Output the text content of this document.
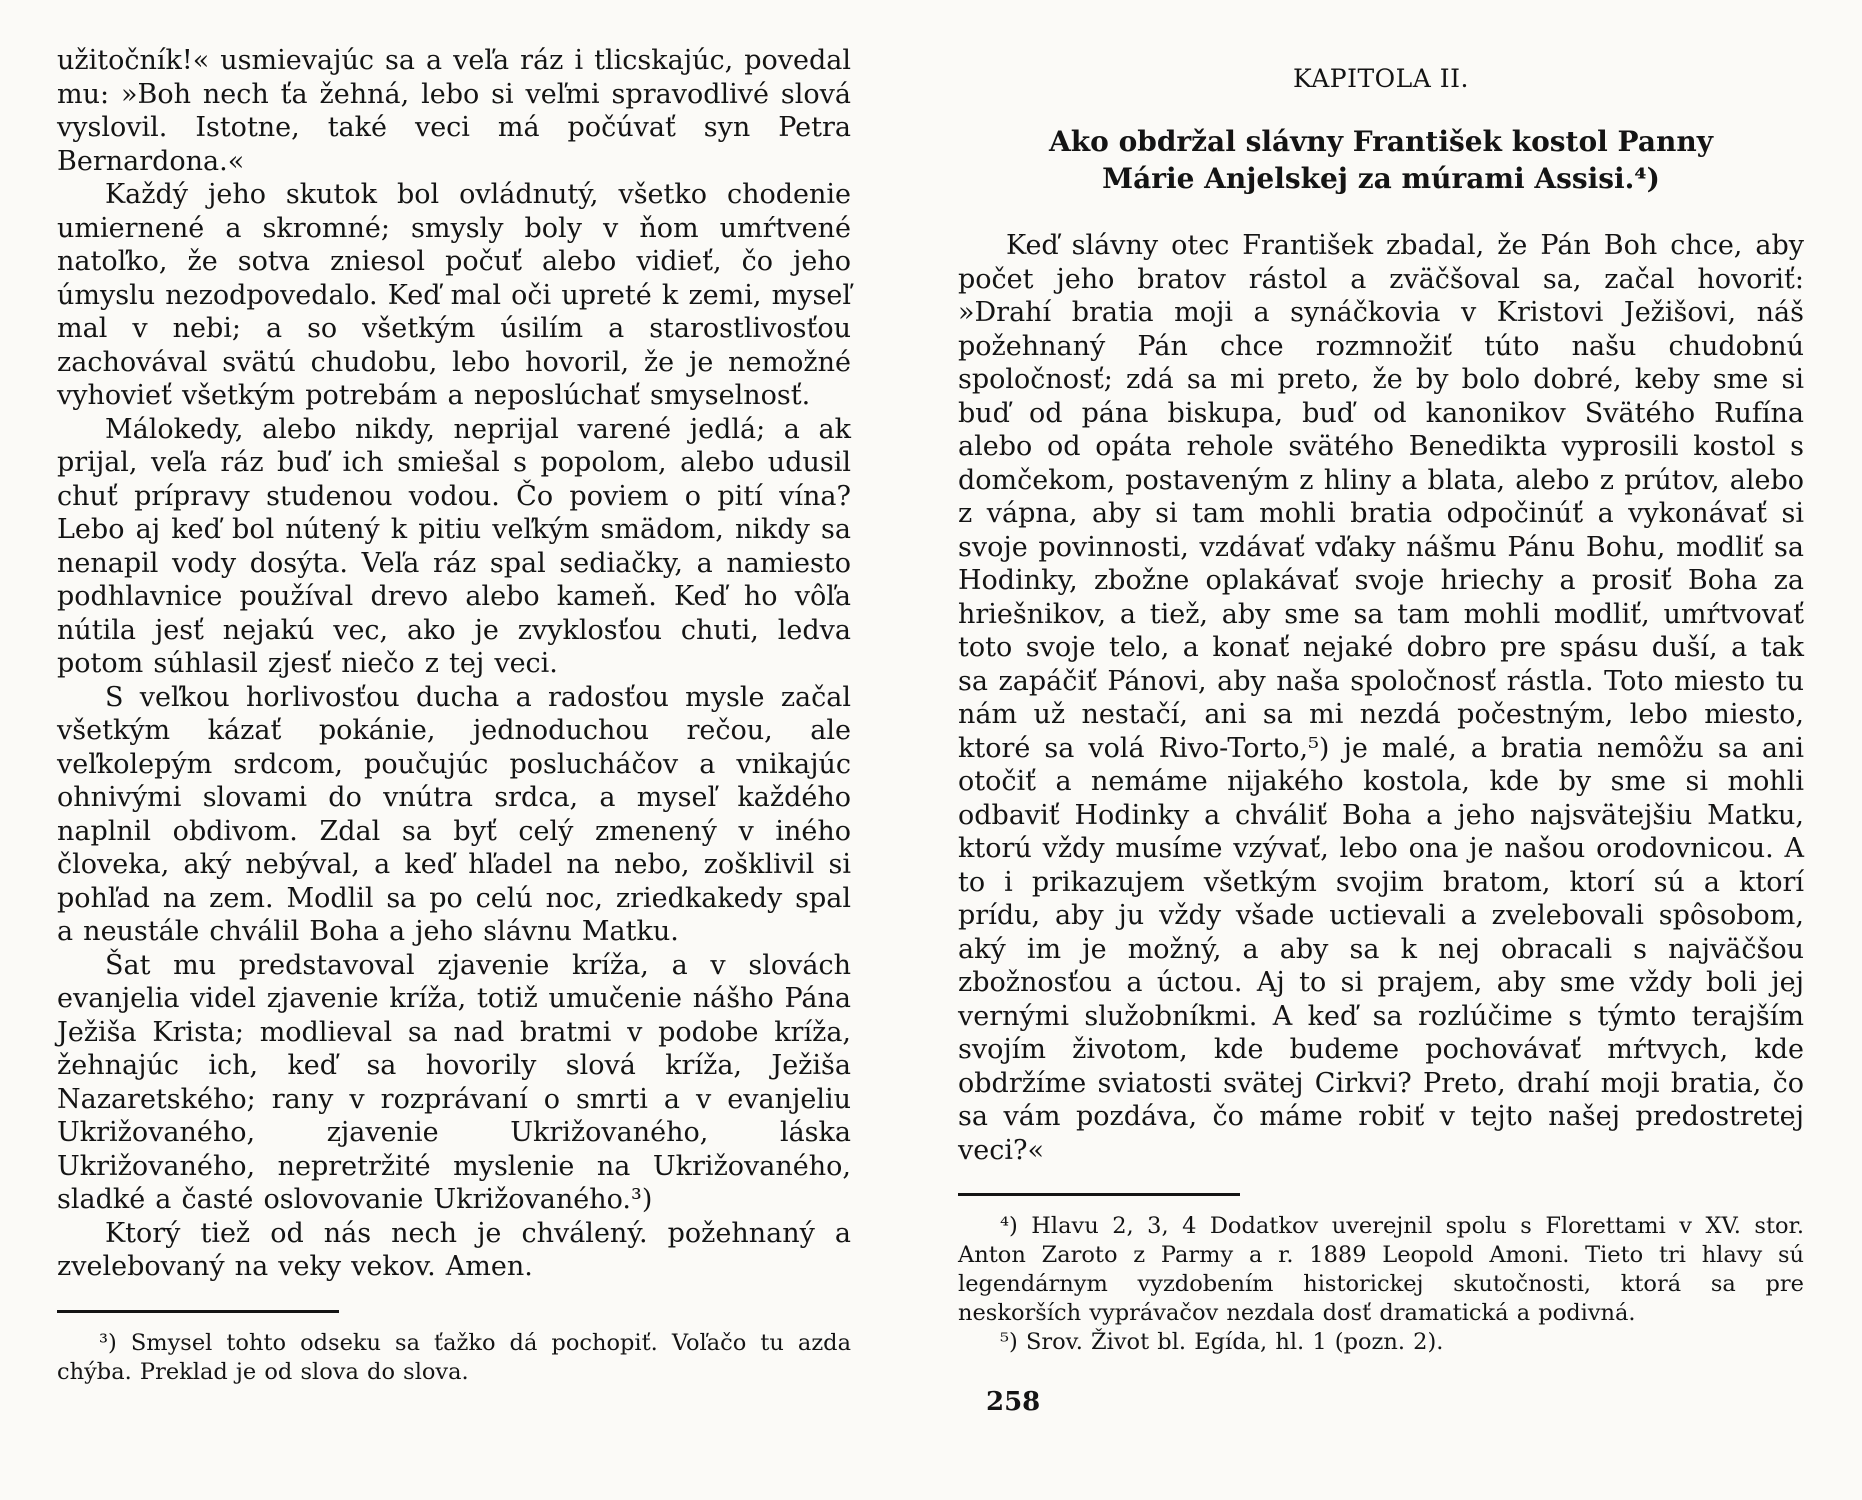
užitočník!« usmievajúc sa a veľa ráz i tlicskajúc, povedal mu: »Boh nech ťa žehná, lebo si veľmi spravodlivé slová vyslovil. Istotne, také veci má počúvať syn Petra Bernardona.«

Každý jeho skutok bol ovládnutý, všetko chodenie umiernené a skromné; smysly boly v ňom umŕtvené natoľko, že sotva zniesol počuť alebo vidieť, čo jeho úmyslu nezodpovedalo. Keď mal oči upreté k zemi, myseľ mal v nebi; a so všetkým úsilím a starostlivosťou zachovával svätú chudobu, lebo hovoril, že je nemožné vyhovieť všetkým potrebám a neposlúchať smyselnosť.

Málokedy, alebo nikdy, neprijal varené jedlá; a ak prijal, veľa ráz buď ich smiešal s popolom, alebo udusil chuť prípravy studenou vodou. Čo poviem o pití vína? Lebo aj keď bol nútený k pitiu veľkým smädom, nikdy sa nenapil vody dosýta. Veľa ráz spal sediačky, a namiesto podhlavnice používal drevo alebo kameň. Keď ho vôľa nútila jesť nejakú vec, ako je zvyklosťou chuti, ledva potom súhlasil zjesť niečo z tej veci.

S veľkou horlivosťou ducha a radosťou mysle začal všetkým kázať pokánie, jednoduchou rečou, ale veľkolepým srdcom, poučujúc poslucháčov a vnikajúc ohnivými slovami do vnútra srdca, a myseľ každého naplnil obdivom. Zdal sa byť celý zmenený v iného človeka, aký nebýval, a keď hľadel na nebo, zošklivil si pohľad na zem. Modlil sa po celú noc, zriedkakedy spal a neustále chválil Boha a jeho slávnu Matku.

Šat mu predstavoval zjavenie kríža, a v slovách evanjelia videl zjavenie kríža, totiž umučenie nášho Pána Ježiša Krista; modlieval sa nad bratmi v podobe kríža, žehnajúc ich, keď sa hovorily slová kríža, Ježiša Nazaretského; rany v rozprávaní o smrti a v evanjeliu Ukrižovaného, zjavenie Ukrižovaného, láska Ukrižovaného, nepretržité myslenie na Ukrižovaného, sladké a časté oslovovanie Ukrižovaného.³)

Ktorý tiež od nás nech je chválený. požehnaný a zvelebovaný na veky vekov. Amen.

³) Smysel tohto odseku sa ťažko dá pochopiť. Voľačo tu azda chýba. Preklad je od slova do slova.

KAPITOLA II.
Ako obdržal slávny František kostol Panny Márie Anjelskej za múrami Assisi.⁴)

Keď slávny otec František zbadal, že Pán Boh chce, aby počet jeho bratov rástol a zväčšoval sa, začal hovoriť: »Drahí bratia moji a synáčkovia v Kristovi Ježišovi, náš požehnaný Pán chce rozmnožiť túto našu chudobnú spoločnosť; zdá sa mi preto, že by bolo dobré, keby sme si buď od pána biskupa, buď od kanonikov Svätého Rufína alebo od opáta rehole svätého Benedikta vyprosili kostol s domčekom, postaveným z hliny a blata, alebo z prútov, alebo z vápna, aby si tam mohli bratia odpočinúť a vykonávať si svoje povinnosti, vzdávať vďaky nášmu Pánu Bohu, modliť sa Hodinky, zbožne oplakávať svoje hriechy a prosiť Boha za hriešnikov, a tiež, aby sme sa tam mohli modliť, umŕtvovať toto svoje telo, a konať nejaké dobro pre spásu duší, a tak sa zapáčiť Pánovi, aby naša spoločnosť rástla. Toto miesto tu nám už nestačí, ani sa mi nezdá počestným, lebo miesto, ktoré sa volá Rivo-Torto,⁵) je malé, a bratia nemôžu sa ani otočiť a nemáme nijakého kostola, kde by sme si mohli odbaviť Hodinky a chváliť Boha a jeho najsvätejšiu Matku, ktorú vždy musíme vzývať, lebo ona je našou orodovnicou. A to i prikazujem všetkým svojim bratom, ktorí sú a ktorí prídu, aby ju vždy všade uctievali a zvelebovali spôsobom, aký im je možný, a aby sa k nej obracali s najväčšou zbožnosťou a úctou. Aj to si prajem, aby sme vždy boli jej vernými služobníkmi. A keď sa rozlúčime s týmto terajším svojím životom, kde budeme pochovávať mŕtvych, kde obdržíme sviatosti svätej Cirkvi? Preto, drahí moji bratia, čo sa vám pozdáva, čo máme robiť v tejto našej predostretej veci?«

⁴) Hlavu 2, 3, 4 Dodatkov uverejnil spolu s Florettami v XV. stor. Anton Zaroto z Parmy a r. 1889 Leopold Amoni. Tieto tri hlavy sú legendárnym vyzdobením historickej skutočnosti, ktorá sa pre neskorších vyprávačov nezdala dosť dramatická a podivná.

⁵) Srov. Život bl. Egída, hl. 1 (pozn. 2).

258
